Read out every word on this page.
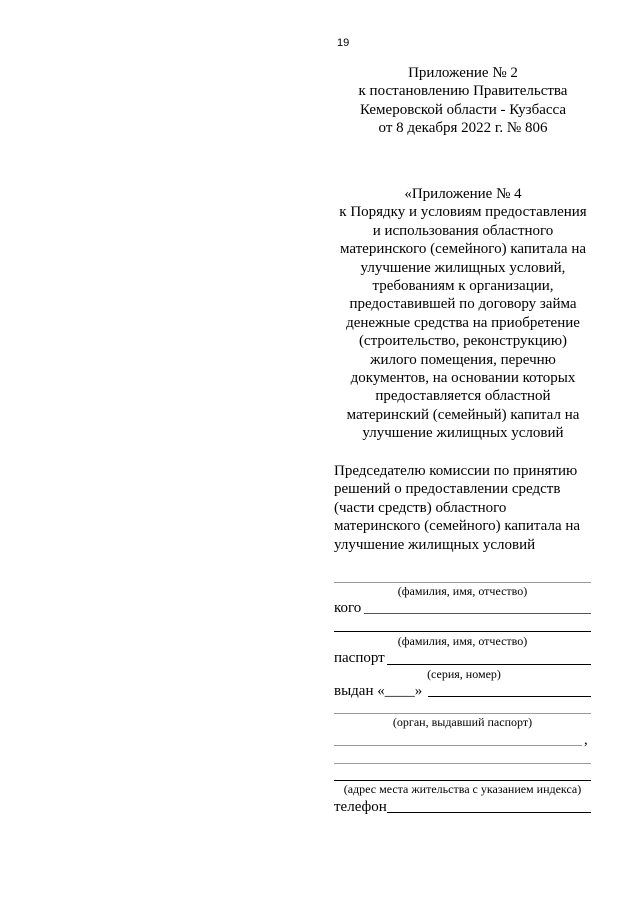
19
Приложение № 2
к постановлению Правительства
Кемеровской области - Кузбасса
от 8 декабря 2022 г. № 806
«Приложение № 4
к Порядку и условиям предоставления
и использования областного
материнского (семейного) капитала на
улучшение жилищных условий,
требованиям к организации,
предоставившей по договору займа
денежные средства на приобретение
(строительство, реконструкцию)
жилого помещения, перечню
документов, на основании которых
предоставляется областной
материнский (семейный) капитал на
улучшение жилищных условий
Председателю комиссии по принятию
решений о предоставлении средств
(части средств) областного
материнского (семейного) капитала на
улучшение жилищных условий
(фамилия, имя, отчество)
кого
(фамилия, имя, отчество)
паспорт
(серия, номер)
выдан «____»
(орган, выдавший паспорт)
,
(адрес места жительства с указанием индекса)
телефон
